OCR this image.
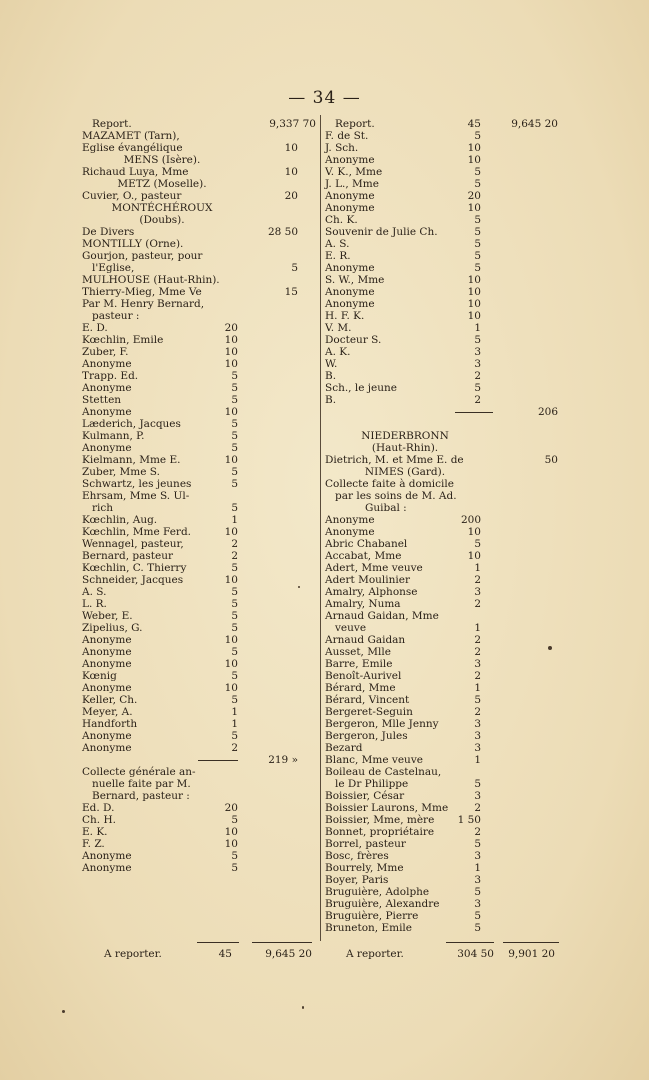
— 34 —
Report.	9,337 70
MAZAMET (Tarn),
Eglise évangélique	10
MENS (Isère).
Richaud Luya, Mme	10
METZ (Moselle).
Cuvier, O., pasteur	20
MONTÉCHÉROUX
(Doubs).
De Divers	28 50
MONTILLY (Orne).
Gourjon, pasteur, pour
l'Eglise,	5
MULHOUSE (Haut-Rhin).
Thierry-Mieg, Mme Ve	15
Par M. Henry Bernard,
pasteur :
E. D.	20
Kœchlin, Emile	10
Zuber, F.	10
Anonyme	10
Trapp. Ed.	5
Anonyme	5
Stetten	5
Anonyme	10
Læderich, Jacques	5
Kulmann, P.	5
Anonyme	5
Kielmann, Mme E.	10
Zuber, Mme S.	5
Schwartz, les jeunes	5
Ehrsam, Mme S. Ul-
rich	5
Kœchlin, Aug.	1
Kœchlin, Mme Ferd.	10
Wennagel, pasteur,	2
Bernard, pasteur	2
Kœchlin, C. Thierry	5
Schneider, Jacques	10
A. S.	5
L. R.	5
Weber, E.	5
Zipelius, G.	5
Anonyme	10
Anonyme	5
Anonyme	10
Kœnig	5
Anonyme	10
Keller, Ch.	5
Meyer, A.	1
Handforth	1
Anonyme	5
Anonyme	2
219 »
Collecte générale an-
nuelle faite par M.
Bernard, pasteur :
Ed. D.	20
Ch. H.	5
E. K.	10
F. Z.	10
Anonyme	5
Anonyme	5
Report.	45	9,645 20
F. de St.	5
J. Sch.	10
Anonyme	10
V. K., Mme	5
J. L., Mme	5
Anonyme	20
Anonyme	10
Ch. K.	5
Souvenir de Julie Ch.	5
A. S.	5
E. R.	5
Anonyme	5
S. W., Mme	10
Anonyme	10
Anonyme	10
H. F. K.	10
V. M.	1
Docteur S.	5
A. K.	3
W.	3
B.	2
Sch., le jeune	5
B.	2
206
NIEDERBRONN
(Haut-Rhin).
Dietrich, M. et Mme E. de	50
NIMES (Gard).
Collecte faite à domicile
par les soins de M. Ad.
Guibal :
Anonyme	200
Anonyme	10
Abric Chabanel	5
Accabat, Mme	10
Adert, Mme veuve	1
Adert Moulinier	2
Amalry, Alphonse	3
Amalry, Numa	2
Arnaud Gaidan, Mme
veuve	1
Arnaud Gaidan	2
Ausset, Mlle	2
Barre, Emile	3
Benoît-Aurivel	2
Bérard, Mme	1
Bérard, Vincent	5
Bergeret-Seguin	2
Bergeron, Mlle Jenny	3
Bergeron, Jules	3
Bezard	3
Blanc, Mme veuve	1
Boileau de Castelnau,
le Dr Philippe	5
Boissier, César	3
Boissier Laurons, Mme	2
Boissier, Mme, mère	1 50
Bonnet, propriétaire	2
Borrel, pasteur	5
Bosc, frères	3
Bourrely, Mme	1
Boyer, Paris	3
Bruguière, Adolphe	5
Bruguière, Alexandre	3
Bruguière, Pierre	5
Bruneton, Emile	5
A reporter.	45	9,645 20	A reporter.	304 50	9,901 20
